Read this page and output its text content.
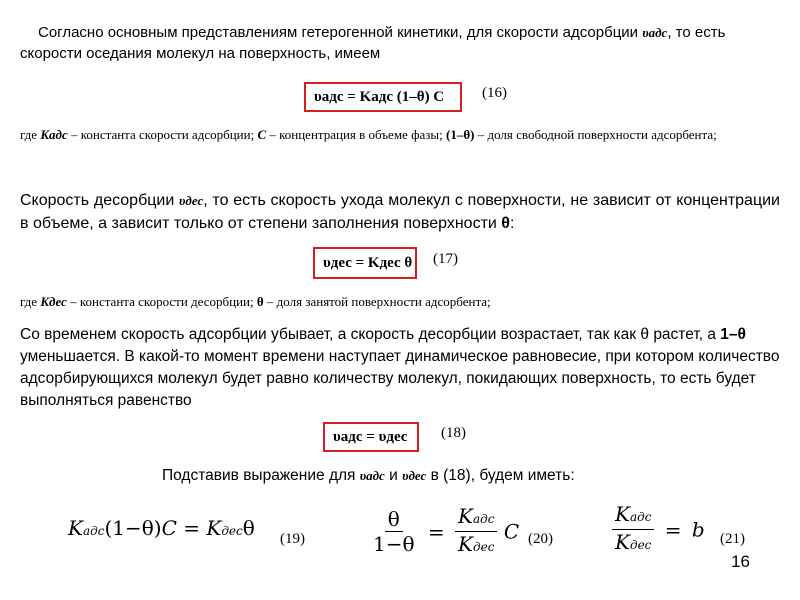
Согласно основным представлениям гетерогенной кинетики, для скорости адсорбции υадс, то есть скорости оседания молекул на поверхность, имеем
υадс = Kадс (1–θ) C	(16)
где Kадс – константа скорости адсорбции; C – концентрация в объеме фазы; (1–θ) – доля свободной поверхности адсорбента;
Скорость десорбции υдес, то есть скорость ухода молекул с поверхности, не зависит от концентрации в объеме, а зависит только от степени заполнения поверхности θ:
υдес = Kдес θ (17)
где Kдес – константа скорости десорбции; θ – доля занятой поверхности адсорбента;
Со временем скорость адсорбции убывает, а скорость десорбции возрастает, так как θ растет, а 1–θ уменьшается. В какой-то момент времени наступает динамическое равновесие, при котором количество адсорбирующихся молекул будет равно количеству молекул, покидающих поверхность, то есть будет выполняться равенство
υадс = υдес (18)
Подставив выражение для υадс и υдес в (18), будем иметь:
Kадс(1−θ)C = Kдесθ (19)	$\frac{\theta}{1-\theta} = \frac{\text{Kадс}}{\text{Kдес}}$ C (20)	$\frac{\text{Kадс}}{\text{Kдес}} = b$ (21)
16
